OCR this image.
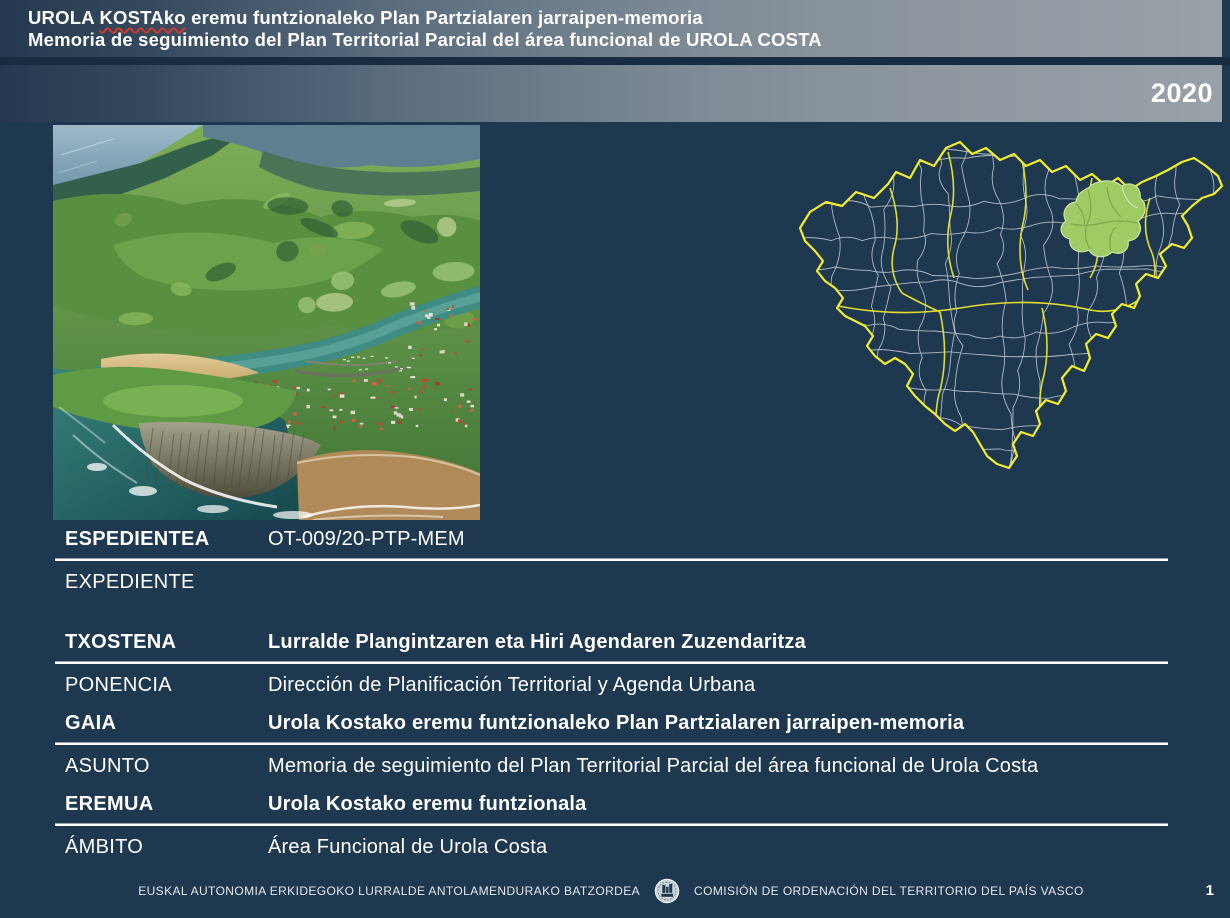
UROLA KOSTAko eremu funtzionaleko Plan Partzialaren jarraipen-memoria
Memoria de seguimiento del Plan Territorial Parcial del área funcional de UROLA COSTA
2020
ESPEDIENTEA	OT-009/20-PTP-MEM
EXPEDIENTE
TXOSTENA	Lurralde Plangintzaren eta Hiri Agendaren Zuzendaritza
PONENCIA	Dirección de Planificación Territorial y Agenda Urbana
GAIA	Urola Kostako eremu funtzionaleko Plan Partzialaren jarraipen-memoria
ASUNTO	Memoria de seguimiento del Plan Territorial Parcial del área funcional de Urola Costa
EREMUA	Urola Kostako eremu funtzionala
ÁMBITO	Área Funcional de Urola Costa
EUSKAL AUTONOMIA ERKIDEGOKO LURRALDE ANTOLAMENDURAKO BATZORDEA	COMISIÓN DE ORDENACIÓN DEL TERRITORIO DEL PAÍS VASCO	1
